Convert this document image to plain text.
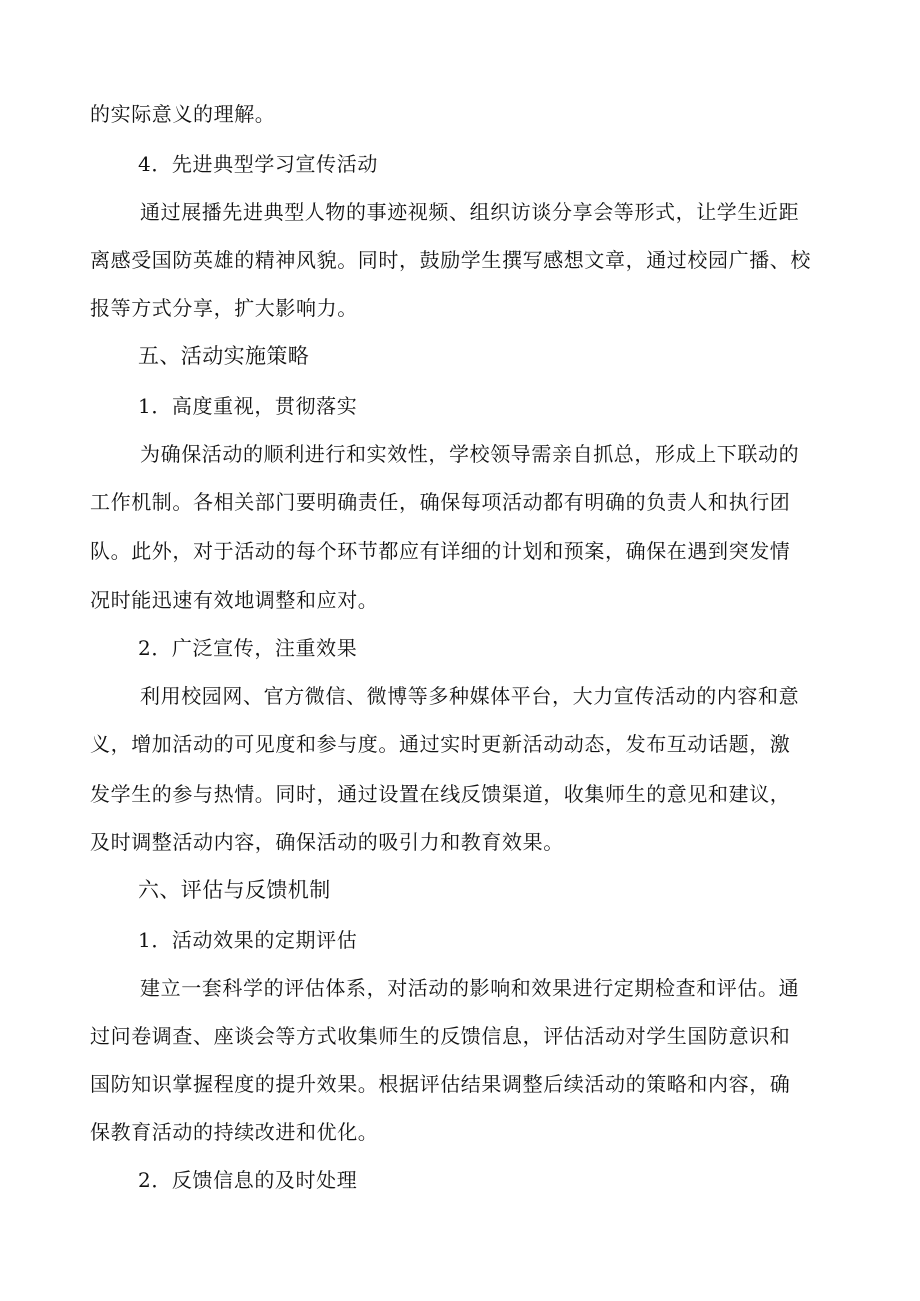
的实际意义的理解。
4．先进典型学习宣传活动
通过展播先进典型人物的事迹视频、组织访谈分享会等形式，让学生近距
离感受国防英雄的精神风貌。同时，鼓励学生撰写感想文章，通过校园广播、校
报等方式分享，扩大影响力。
五、活动实施策略
1．高度重视，贯彻落实
为确保活动的顺利进行和实效性，学校领导需亲自抓总，形成上下联动的
工作机制。各相关部门要明确责任，确保每项活动都有明确的负责人和执行团
队。此外，对于活动的每个环节都应有详细的计划和预案，确保在遇到突发情
况时能迅速有效地调整和应对。
2．广泛宣传，注重效果
利用校园网、官方微信、微博等多种媒体平台，大力宣传活动的内容和意
义，增加活动的可见度和参与度。通过实时更新活动动态，发布互动话题，激
发学生的参与热情。同时，通过设置在线反馈渠道，收集师生的意见和建议，
及时调整活动内容，确保活动的吸引力和教育效果。
六、评估与反馈机制
1．活动效果的定期评估
建立一套科学的评估体系，对活动的影响和效果进行定期检查和评估。通
过问卷调查、座谈会等方式收集师生的反馈信息，评估活动对学生国防意识和
国防知识掌握程度的提升效果。根据评估结果调整后续活动的策略和内容，确
保教育活动的持续改进和优化。
2．反馈信息的及时处理
